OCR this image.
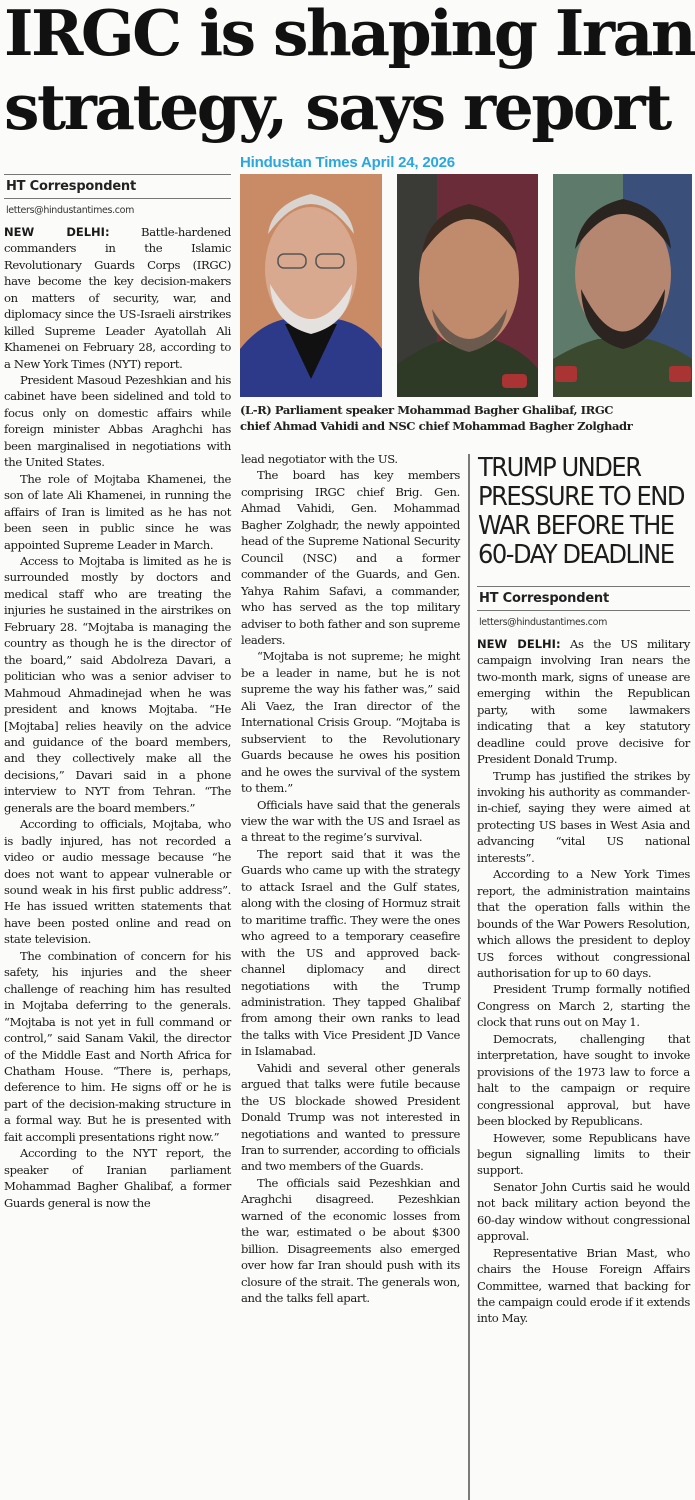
IRGC is shaping Iran
strategy, says report
Hindustan Times April 24, 2026
HT Correspondent
letters@hindustantimes.com

NEW DELHI:	Battle-hardened commanders in the Islamic Revolutionary Guards Corps (IRGC) have become the key decision-makers on matters of security, war, and diplomacy since the US-Israeli airstrikes killed Supreme Leader Ayatollah Ali Khamenei on February 28, according to a New York Times (NYT) report.

President Masoud Pezeshkian and his cabinet have been sidelined and told to focus only on domestic affairs while foreign minister Abbas Araghchi has been marginalised in negotiations with the United States.

The role of Mojtaba Khamenei, the son of late Ali Khamenei, in running the affairs of Iran is limited as he has not been seen in public since he was appointed Supreme Leader in March.

Access to Mojtaba is limited as he is surrounded mostly by doctors and medical staff who are treating the injuries he sustained in the airstrikes on February 28. “Mojtaba is managing the country as though he is the director of the board,” said Abdolreza Davari, a politician who was a senior adviser to Mahmoud Ahmadinejad when he was president and knows Mojtaba. “He [Mojtaba] relies heavily on the advice and guidance of the board members, and they collectively make all the decisions,” Davari said in a phone interview to NYT from Tehran. “The generals are the board members.”

According to officials, Mojtaba, who is badly injured, has not recorded a video or audio message because “he does not want to appear vulnerable or sound weak in his first public address”. He has issued written statements that have been posted online and read on state television.

The combination of concern for his safety, his injuries and the sheer challenge of reaching him has resulted in Mojtaba deferring to the generals. “Mojtaba is not yet in full command or control,” said Sanam Vakil, the director of the Middle East and North Africa for Chatham House. “There is, perhaps, deference to him. He signs off or he is part of the decision-making structure in a formal way. But he is presented with fait accompli presentations right now.”

According to the NYT report, the speaker of Iranian parliament Mohammad Bagher Ghalibaf, a former Guards general is now the

(L-R) Parliament speaker Mohammad Bagher Ghalibaf, IRGC
chief Ahmad Vahidi and NSC chief Mohammad Bagher Zolghadr

lead negotiator with the US.

The board has key members comprising IRGC chief Brig. Gen. Ahmad Vahidi, Gen. Mohammad Bagher Zolghadr, the newly appointed head of the Supreme National Security Council (NSC) and a former commander of the Guards, and Gen. Yahya Rahim Safavi, a commander, who has served as the top military adviser to both father and son supreme leaders.

“Mojtaba is not supreme; he might be a leader in name, but he is not supreme the way his father was,” said Ali Vaez, the Iran director of the International Crisis Group. “Mojtaba is subservient to the Revolutionary Guards because he owes his position and he owes the survival of the system to them.”

Officials have said that the generals view the war with the US and Israel as a threat to the regime’s survival.

The report said that it was the Guards who came up with the strategy to attack Israel and the Gulf states, along with the closing of Hormuz strait to maritime traffic. They were the ones who agreed to a temporary ceasefire with the US and approved back-channel diplomacy and direct negotiations with the Trump administration. They tapped Ghalibaf from among their own ranks to lead the talks with Vice President JD Vance in Islamabad.

Vahidi and several other generals argued that talks were futile because the US blockade showed President Donald Trump was not interested in negotiations and wanted to pressure Iran to surrender, according to officials and two members of the Guards.

The officials said Pezeshkian and Araghchi disagreed. Pezeshkian warned of the economic losses from the war, estimated o be about $300 billion. Disagreements also emerged over how far Iran should push with its closure of the strait. The generals won, and the talks fell apart.

TRUMP UNDER
PRESSURE TO END
WAR BEFORE THE
60-DAY DEADLINE
HT Correspondent
letters@hindustantimes.com

NEW DELHI: As the US military campaign involving Iran nears the two-month mark, signs of unease are emerging within the Republican party, with some lawmakers indicating that a key statutory deadline could prove decisive for President Donald Trump.

Trump has justified the strikes by invoking his authority as commander-in-chief, saying they were aimed at protecting US bases in West Asia and advancing “vital US national interests”.

According to a New York Times report, the administration maintains that the operation falls within the bounds of the War Powers Resolution, which allows the president to deploy US forces without congressional authorisation for up to 60 days.

President Trump formally notified Congress on March 2, starting the clock that runs out on May 1.

Democrats, challenging that interpretation, have sought to invoke provisions of the 1973 law to force a halt to the campaign or require congressional approval, but have been blocked by Republicans.

However, some Republicans have begun signalling limits to their support.

Senator John Curtis said he would not back military action beyond the 60-day window without congressional approval.

Representative Brian Mast, who chairs the House Foreign Affairs Committee, warned that backing for the campaign could erode if it extends into May.
